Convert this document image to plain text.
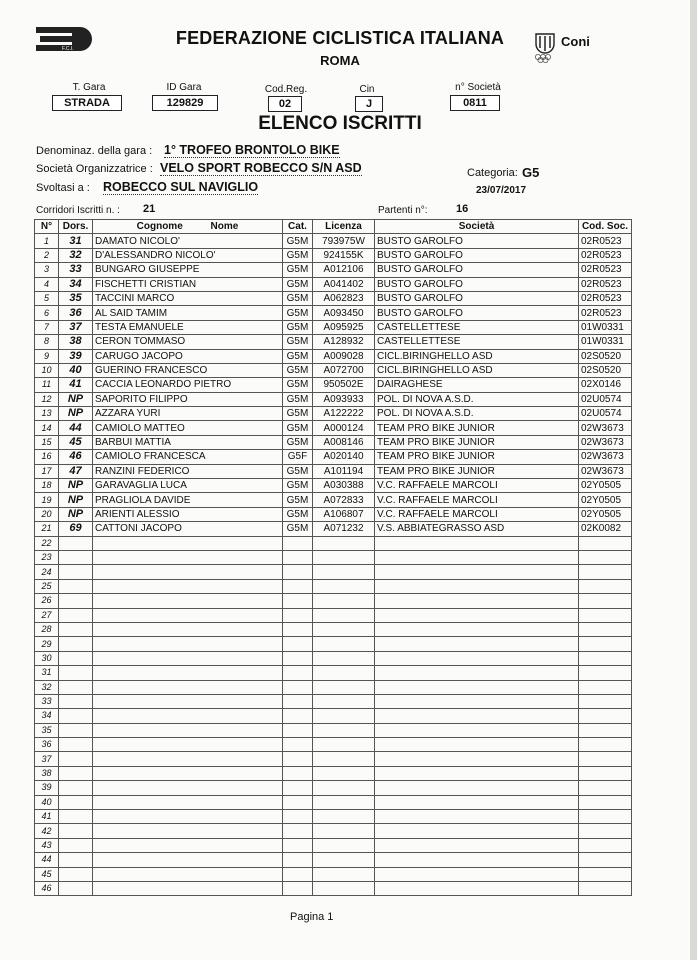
F.C.I.
FEDERAZIONE CICLISTICA ITALIANA
ROMA
Coni
T. Gara
STRADA
ID Gara
129829
Cod.Reg.
02
Cin
J
n° Società
0811
ELENCO ISCRITTI
Denominaz. della gara : 1° TROFEO BRONTOLO BIKE
Società Organizzatrice : VELO SPORT ROBECCO S/N ASD	Categoria: G5
Svoltasi a : ROBECCO SUL NAVIGLIO	23/07/2017
Corridori Iscritti n. : 21	Partenti n°:	16
N°	Dors.	Cognome          Nome	Cat.	Licenza	Società	Cod. Soc.
1	31	DAMATO NICOLO'	G5M	793975W	BUSTO GAROLFO	02R0523
2	32	D'ALESSANDRO NICOLO'	G5M	924155K	BUSTO GAROLFO	02R0523
3	33	BUNGARO GIUSEPPE	G5M	A012106	BUSTO GAROLFO	02R0523
4	34	FISCHETTI CRISTIAN	G5M	A041402	BUSTO GAROLFO	02R0523
5	35	TACCINI MARCO	G5M	A062823	BUSTO GAROLFO	02R0523
6	36	AL SAID TAMIM	G5M	A093450	BUSTO GAROLFO	02R0523
7	37	TESTA EMANUELE	G5M	A095925	CASTELLETTESE	01W0331
8	38	CERON TOMMASO	G5M	A128932	CASTELLETTESE	01W0331
9	39	CARUGO JACOPO	G5M	A009028	CICL.BIRINGHELLO ASD	02S0520
10	40	GUERINO FRANCESCO	G5M	A072700	CICL.BIRINGHELLO ASD	02S0520
11	41	CACCIA LEONARDO PIETRO	G5M	950502E	DAIRAGHESE	02X0146
12	NP	SAPORITO FILIPPO	G5M	A093933	POL. DI NOVA A.S.D.	02U0574
13	NP	AZZARA YURI	G5M	A122222	POL. DI NOVA A.S.D.	02U0574
14	44	CAMIOLO MATTEO	G5M	A000124	TEAM PRO BIKE JUNIOR	02W3673
15	45	BARBUI MATTIA	G5M	A008146	TEAM PRO BIKE JUNIOR	02W3673
16	46	CAMIOLO FRANCESCA	G5F	A020140	TEAM PRO BIKE JUNIOR	02W3673
17	47	RANZINI FEDERICO	G5M	A101194	TEAM PRO BIKE JUNIOR	02W3673
18	NP	GARAVAGLIA LUCA	G5M	A030388	V.C. RAFFAELE MARCOLI	02Y0505
19	NP	PRAGLIOLA DAVIDE	G5M	A072833	V.C. RAFFAELE MARCOLI	02Y0505
20	NP	ARIENTI ALESSIO	G5M	A106807	V.C. RAFFAELE MARCOLI	02Y0505
21	69	CATTONI JACOPO	G5M	A071232	V.S. ABBIATEGRASSO ASD	02K0082
22						
23						
24						
25						
26						
27						
28						
29						
30						
31						
32						
33						
34						
35						
36						
37						
38						
39						
40						
41						
42						
43						
44						
45						
46						
Pagina 1
